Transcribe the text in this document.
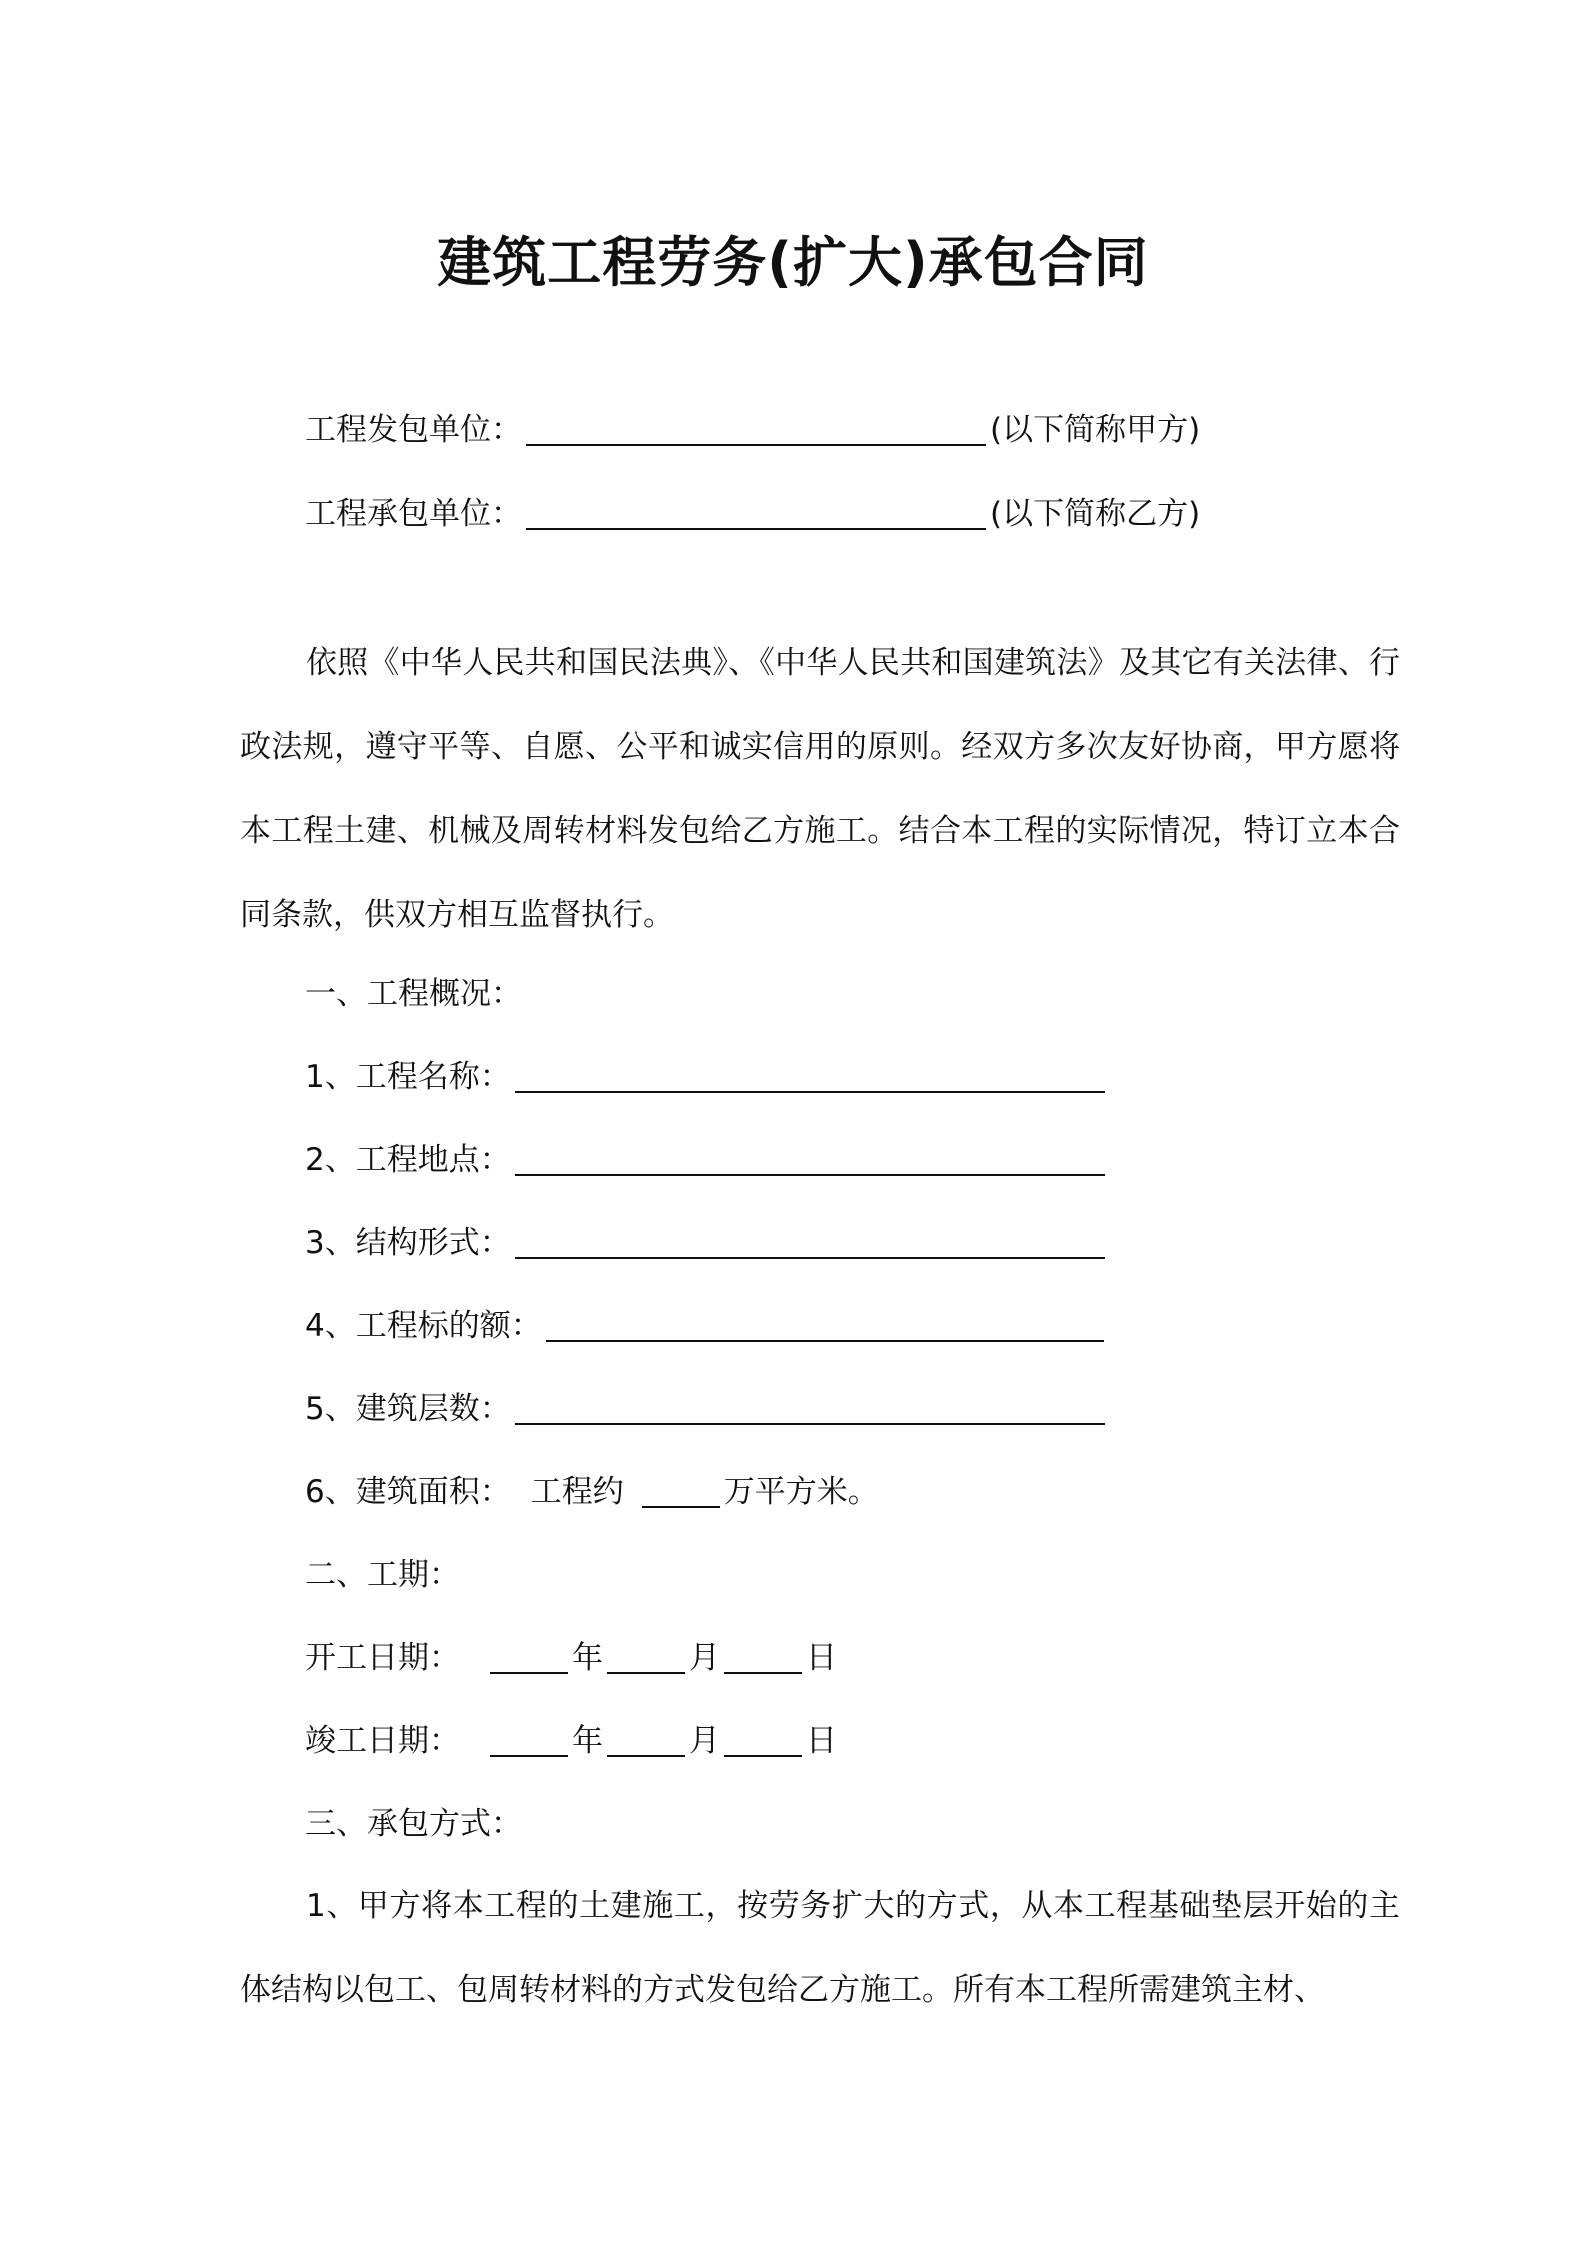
建筑工程劳务(扩大)承包合同
工程发包单位：	(以下简称甲方)
工程承包单位：	(以下简称乙方)
依照《中华人民共和国民法典》、《中华人民共和国建筑法》及其它有关法律、行政法规，遵守平等、自愿、公平和诚实信用的原则。经双方多次友好协商，甲方愿将本工程土建、机械及周转材料发包给乙方施工。结合本工程的实际情况，特订立本合同条款，供双方相互监督执行。
一、工程概况：
1、工程名称：
2、工程地点：
3、结构形式：
4、工程标的额：
5、建筑层数：
6、建筑面积： 工程约	万平方米。
二、工期：
开工日期：	年	月	日
竣工日期：	年	月	日
三、承包方式：
1、甲方将本工程的土建施工，按劳务扩大的方式，从本工程基础垫层开始的主体结构以包工、包周转材料的方式发包给乙方施工。所有本工程所需建筑主材、
